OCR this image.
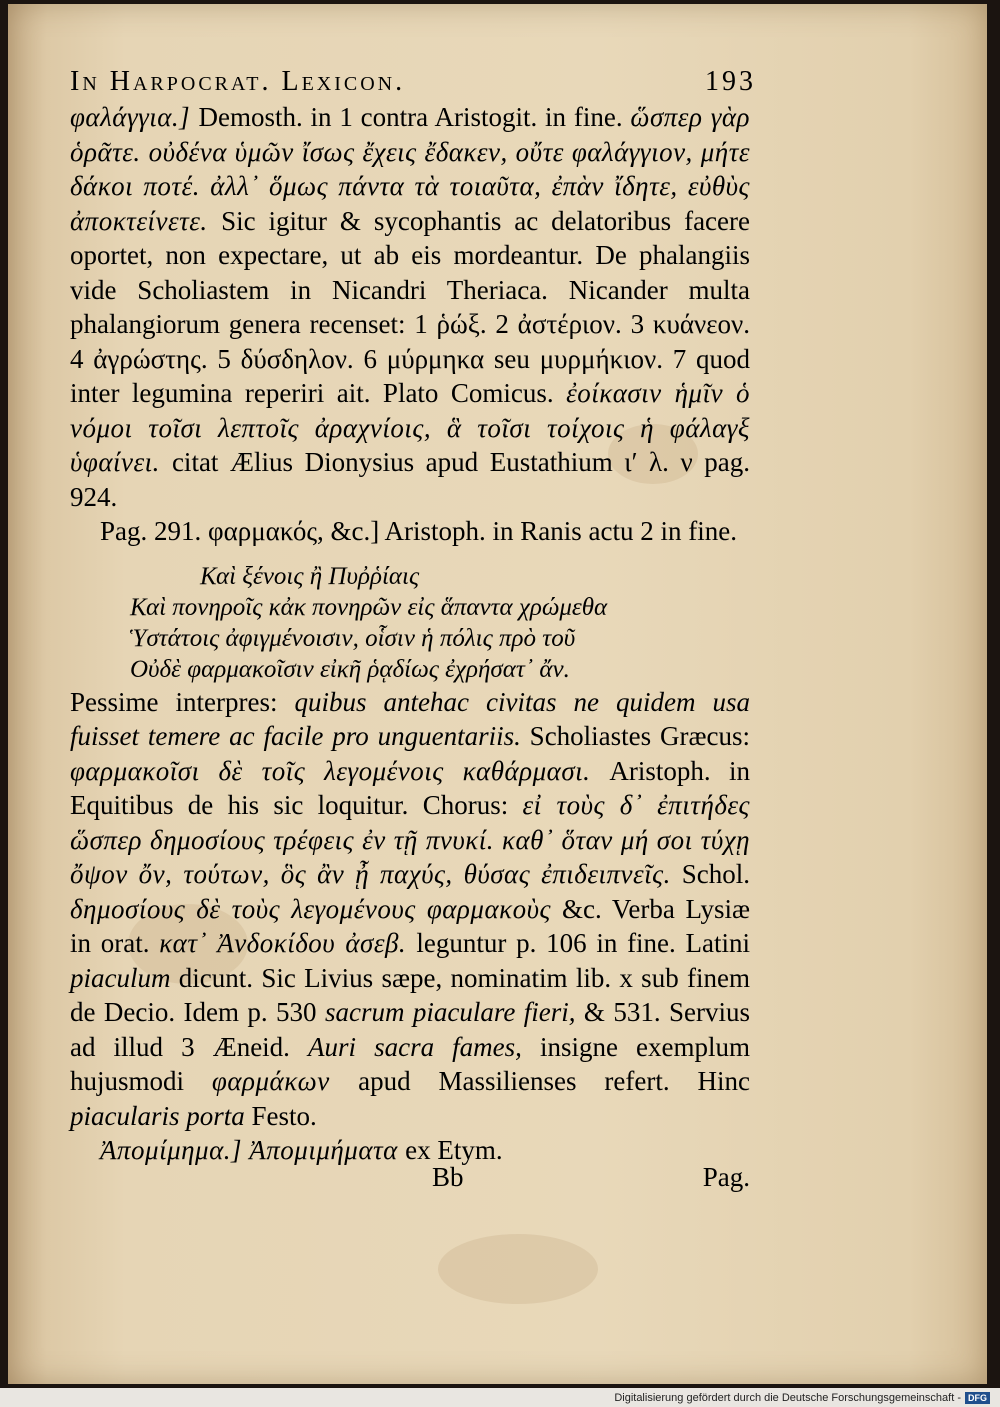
In Harpocrat. Lexicon.	193

φαλάγγια.] Demosth. in 1 contra Aristogit. in fine. ὥσπερ γὰρ ὁρᾶτε. οὐδένα ὑμῶν ἴσως ἔχεις ἔδακεν, οὔτε φαλάγγιον, μήτε δάκοι ποτέ. ἀλλ᾽ ὅμως πάντα τὰ τοιαῦτα, ἐπὰν ἴδητε, εὐθὺς ἀποκτείνετε. Sic igitur & sycophantis ac delatoribus facere oportet, non expectare, ut ab eis mordeantur. De phalangiis vide Scholiastem in Nicandri Theriaca. Nicander multa phalangiorum genera recenset: 1 ῥώξ. 2 ἀστέριον. 3 κυάνεον. 4 ἀγρώστης. 5 δύσδηλον. 6 μύρμηκα seu μυρμήκιον. 7 quod inter legumina reperiri ait. Plato Comicus. ἐοίκασιν ἡμῖν ὁ νόμοι τοῖσι λεπτοῖς ἀραχνίοις, ἃ τοῖσι τοίχοις ἡ φάλαγξ ὑφαίνει. citat Ælius Dionysius apud Eustathium ιʹ λ. ν pag. 924.

Pag. 291. φαρμακός, &c.] Aristoph. in Ranis actu 2 in fine.

Καὶ ξένοις ἢ Πυῤῥίαις

Καὶ πονηροῖς κἀκ πονηρῶν εἰς ἅπαντα χρώμεθα

Ὑστάτοις ἀφιγμένοισιν, οἷσιν ἡ πόλις πρὸ τοῦ

Οὐδὲ φαρμακοῖσιν εἰκῆ ῥᾳδίως ἐχρήσατ᾽ ἄν.

Pessime interpres: quibus antehac civitas ne quidem usa fuisset temere ac facile pro unguentariis. Scholiastes Græcus: φαρμακοῖσι δὲ τοῖς λεγομένοις καθάρμασι. Aristoph. in Equitibus de his sic loquitur. Chorus: εἰ τοὺς δ᾽ ἐπιτήδες ὥσπερ δημοσίους τρέφεις ἐν τῇ πνυκί. καθ᾽ ὅταν μή σοι τύχῃ ὄψον ὄν, τούτων, ὃς ἂν ᾖ παχύς, θύσας ἐπιδειπνεῖς. Schol. δημοσίους δὲ τοὺς λεγομένους φαρμακοὺς &c. Verba Lysiæ in orat. κατ᾽ Ἀνδοκίδου ἀσεβ. leguntur p. 106 in fine. Latini piaculum dicunt. Sic Livius sæpe, nominatim lib. x sub finem de Decio. Idem p. 530 sacrum piaculare fieri, & 531. Servius ad illud 3 Æneid. Auri sacra fames, insigne exemplum hujusmodi φαρμάκων apud Massilienses refert. Hinc piacularis porta Festo.

Ἀπομίμημα.] Ἀπομιμήματα ex Etym.

Bb	Pag.
Digitalisierung gefördert durch die Deutsche Forschungsgemeinschaft - DFG
